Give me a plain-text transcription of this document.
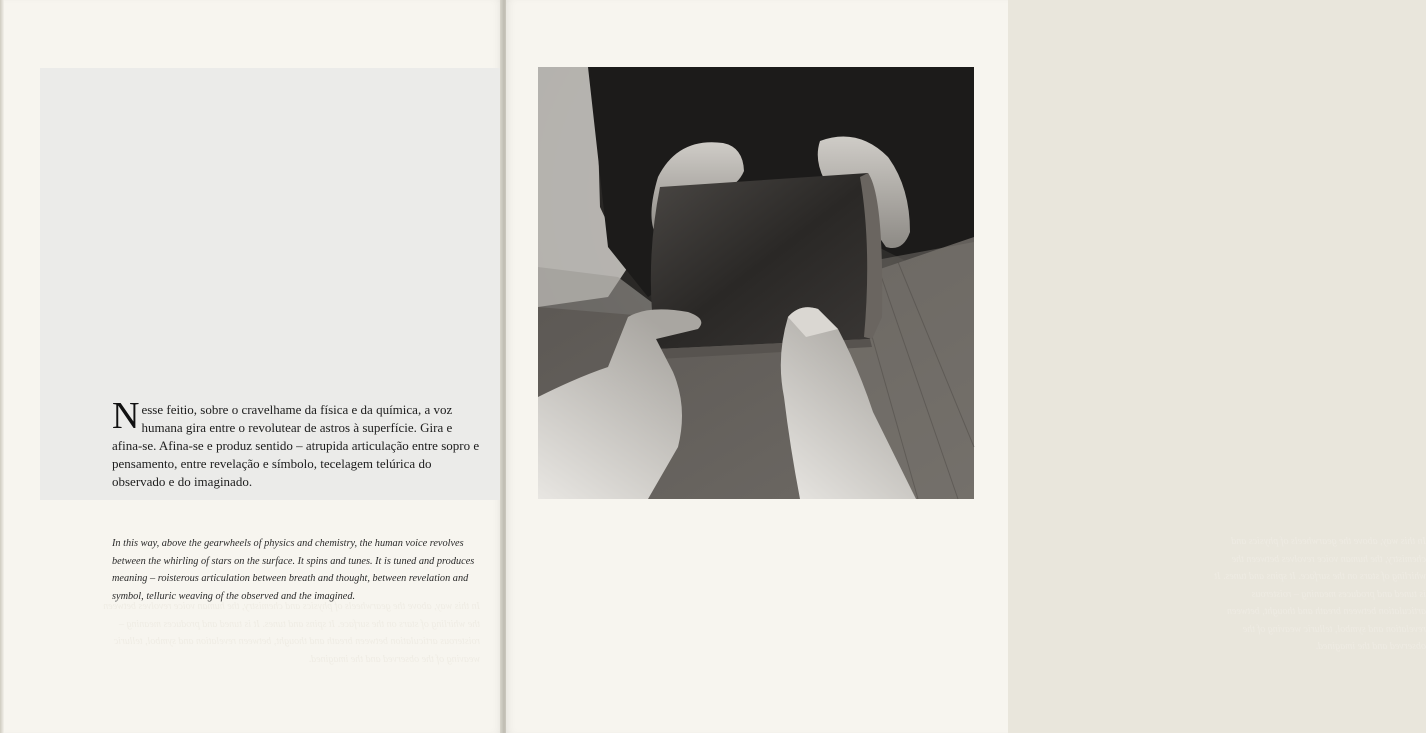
Nesse feitio, sobre o cravelhame da física e da química, a voz humana gira entre o revolutear de astros à superfície. Gira e afina-se. Afina-se e produz sentido – atrupida articulação entre sopro e pensamento, entre revelação e símbolo, tecelagem telúrica do observado e do imaginado.
In this way, above the gearwheels of physics and chemistry, the human voice revolves between the whirling of stars on the surface. It spins and tunes. It is tuned and produces meaning – roisterous articulation between breath and thought, between revelation and symbol, telluric weaving of the observed and the imagined.
In this way, above the gearwheels of physics and chemistry, the human voice revolves between the whirling of stars on the surface. It spins and tunes. It is tuned and produces meaning – roisterous articulation between breath and thought, between revelation and symbol, telluric weaving of the observed and the imagined.
In this way, above the gearwheels of physics and chemistry, the human voice revolves between the whirling of stars on the surface. It spins and tunes. It is tuned and produces meaning – roisterous articulation between breath and thought, between revelation and symbol, telluric weaving of the observed and the imagined.
